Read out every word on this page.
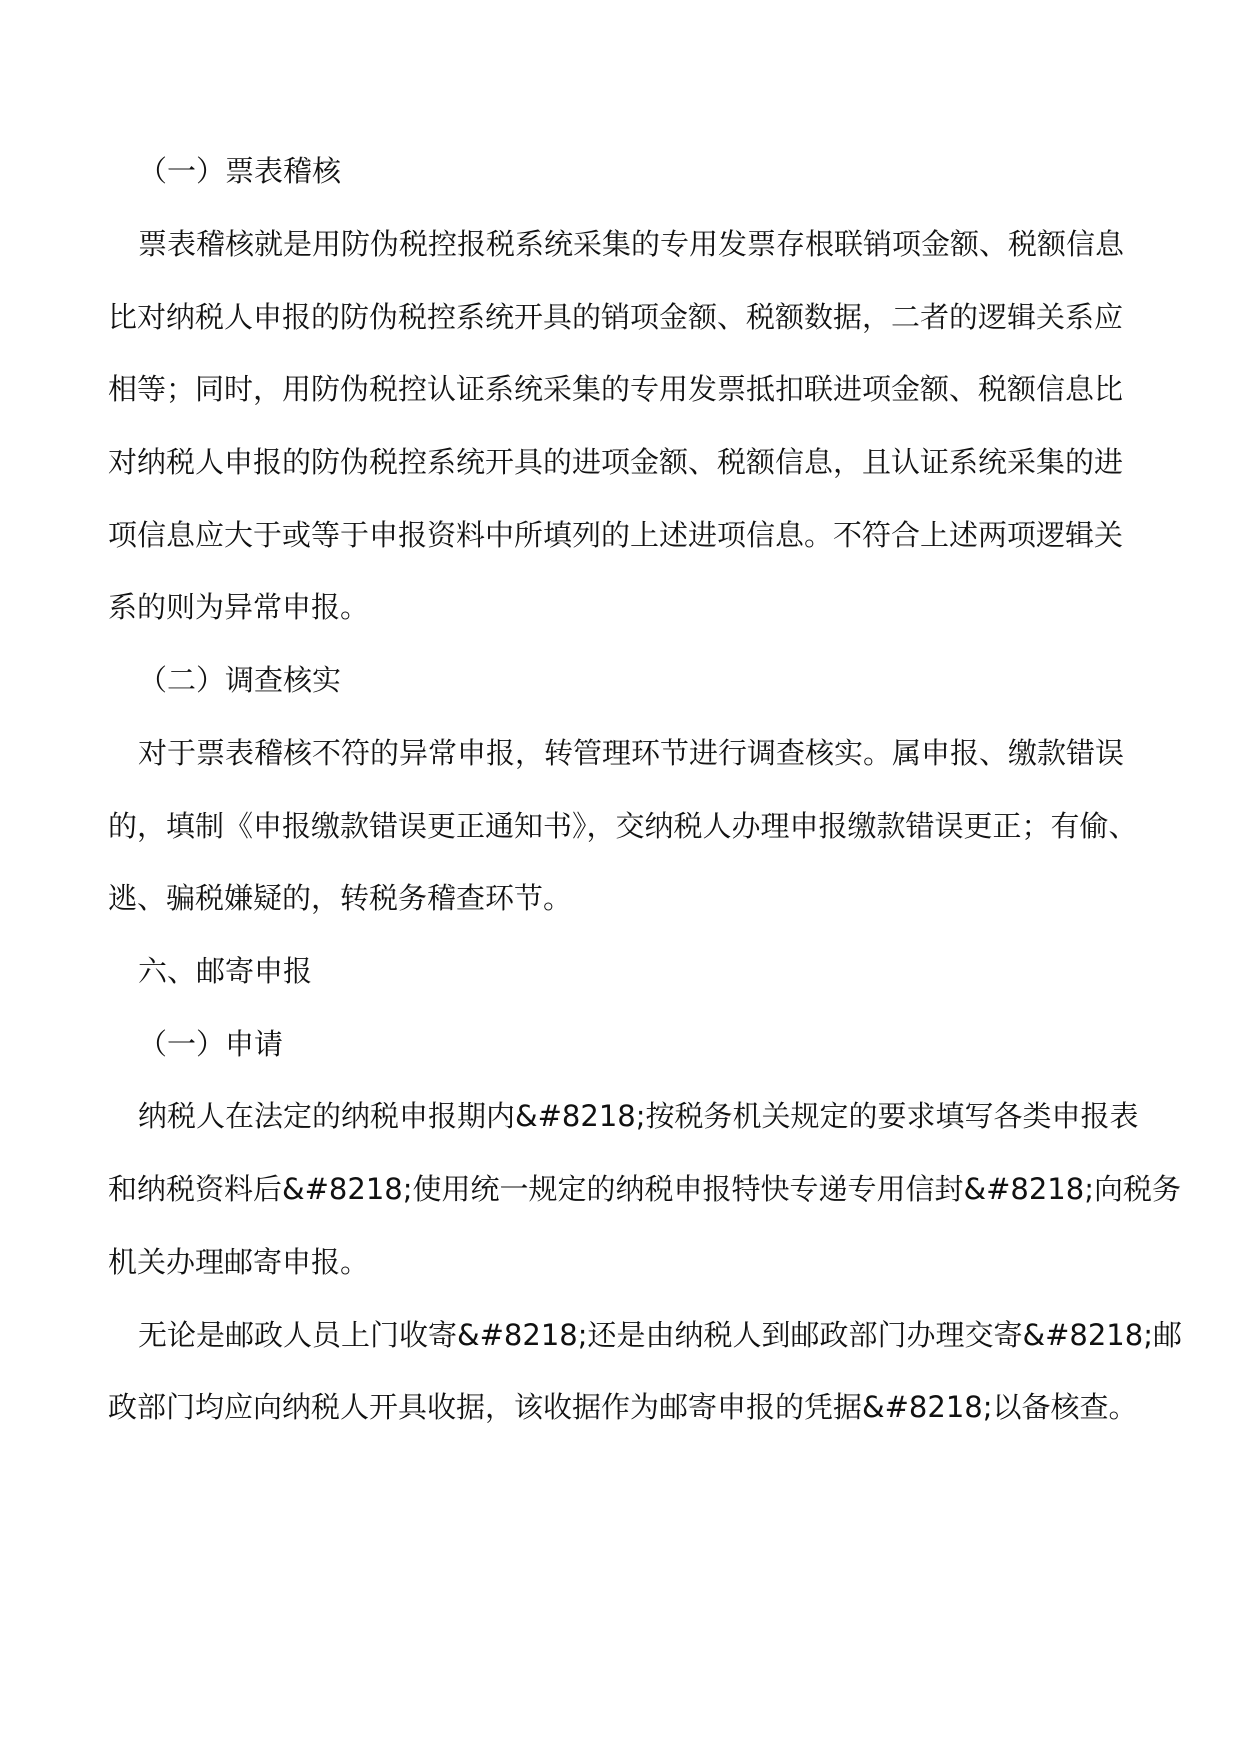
（一）票表稽核
票表稽核就是用防伪税控报税系统采集的专用发票存根联销项金额、税额信息
比对纳税人申报的防伪税控系统开具的销项金额、税额数据，二者的逻辑关系应
相等；同时，用防伪税控认证系统采集的专用发票抵扣联进项金额、税额信息比
对纳税人申报的防伪税控系统开具的进项金额、税额信息，且认证系统采集的进
项信息应大于或等于申报资料中所填列的上述进项信息。不符合上述两项逻辑关
系的则为异常申报。
（二）调查核实
对于票表稽核不符的异常申报，转管理环节进行调查核实。属申报、缴款错误
的，填制《申报缴款错误更正通知书》，交纳税人办理申报缴款错误更正；有偷、
逃、骗税嫌疑的，转税务稽查环节。
六、邮寄申报
（一）申请
纳税人在法定的纳税申报期内&#8218;按税务机关规定的要求填写各类申报表
和纳税资料后&#8218;使用统一规定的纳税申报特快专递专用信封&#8218;向税务
机关办理邮寄申报。
无论是邮政人员上门收寄&#8218;还是由纳税人到邮政部门办理交寄&#8218;邮
政部门均应向纳税人开具收据，该收据作为邮寄申报的凭据&#8218;以备核查。
